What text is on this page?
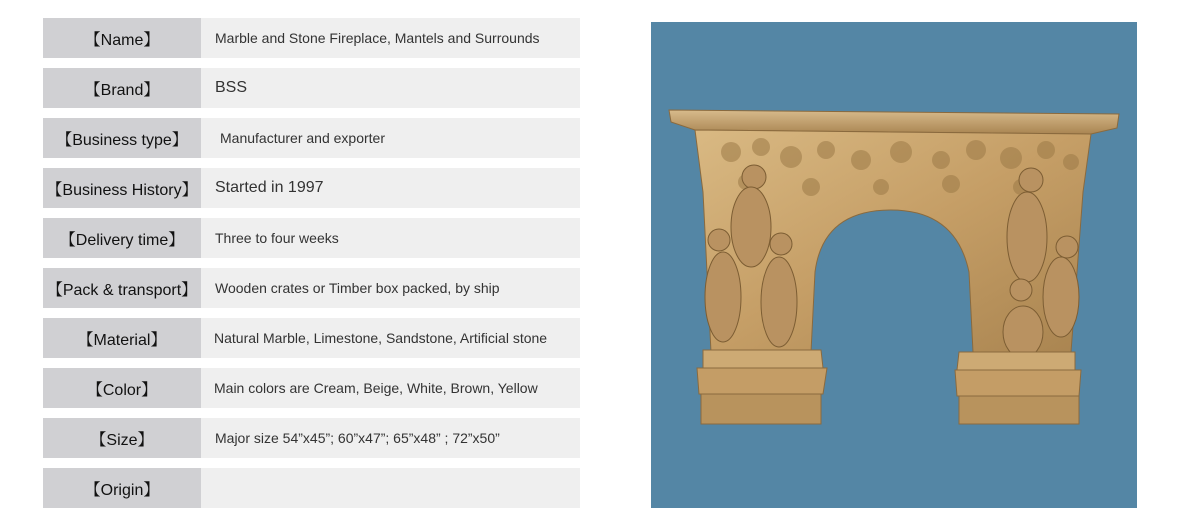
【Name】	Marble and Stone Fireplace, Mantels and Surrounds
【Brand】	BSS
【Business type】	Manufacturer and exporter
【Business History】	Started in 1997
【Delivery time】	Three to four weeks
【Pack & transport】	Wooden crates or Timber box packed, by ship
【Material】	Natural Marble, Limestone, Sandstone, Artificial stone
【Color】	Main colors are Cream, Beige, White, Brown, Yellow
【Size】	Major size 54”x45”; 60”x47”; 65”x48” ; 72”x50”
【Origin】
